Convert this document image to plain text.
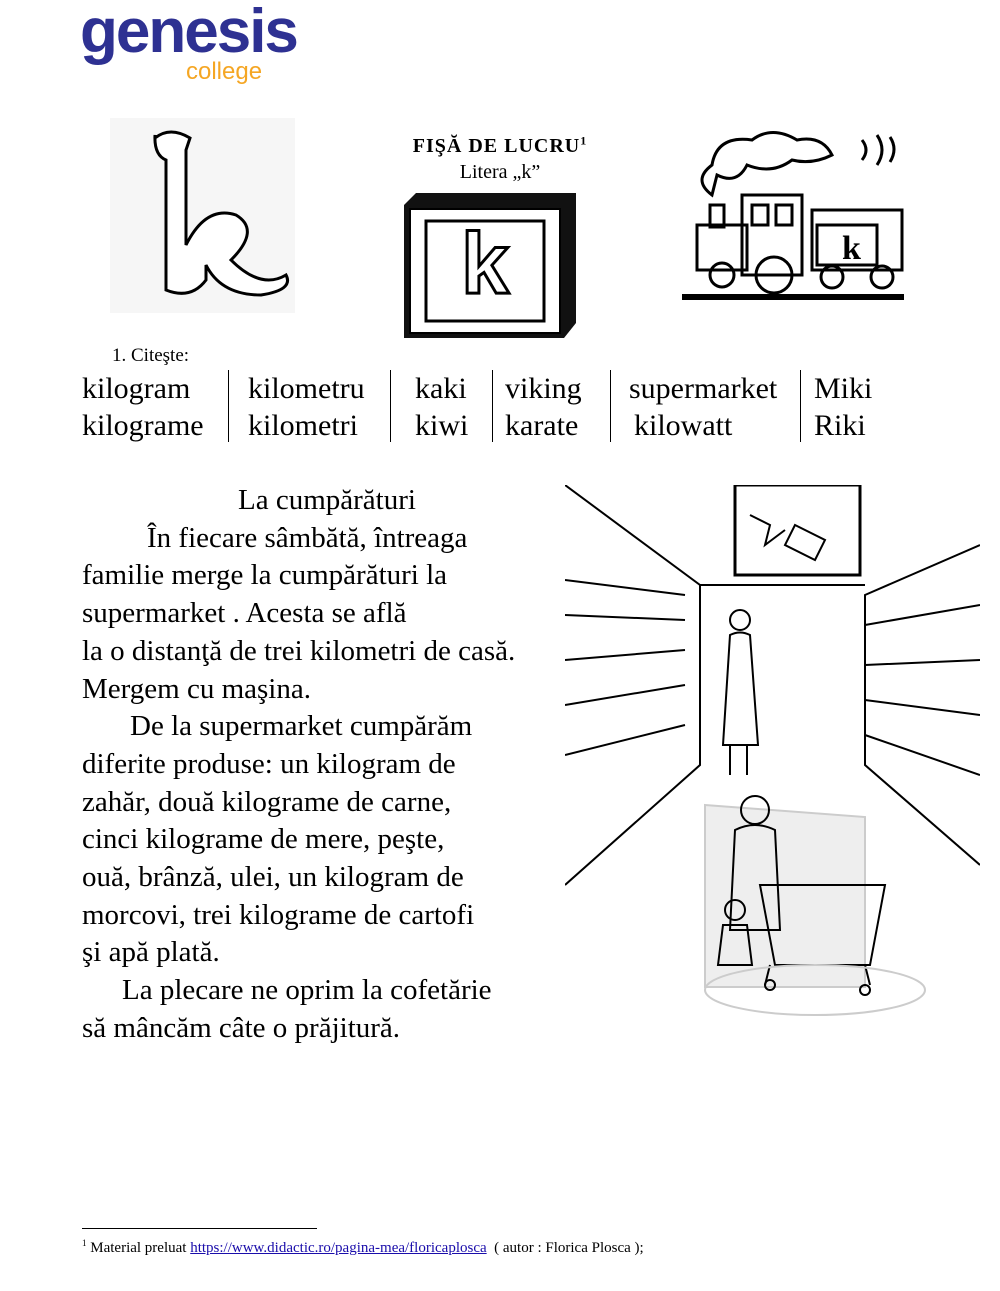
genesis
college
FIŞĂ DE LUCRU$^1$
Litera „k”
k	k
1. Citeşte:
kilogram
kilograme
kilometru
kilometri
kaki
kiwi
viking
karate
supermarket
kilowatt
Miki
Riki
La cumpărături
În fiecare sâmbătă, întreaga
familie merge la cumpărături la
supermarket . Acesta se află
la o distanţă de trei kilometri de casă.
Mergem cu maşina.
De la supermarket cumpărăm
diferite produse: un kilogram de
zahăr, două kilograme de carne,
cinci kilograme de mere, peşte,
ouă, brânză, ulei, un kilogram de
morcovi, trei kilograme de cartofi
şi apă plată.
La plecare ne oprim la cofetărie
să mâncăm câte o prăjitură.
$^1$ Material preluat https://www.didactic.ro/pagina-mea/floricaplosca ( autor : Florica Plosca );
